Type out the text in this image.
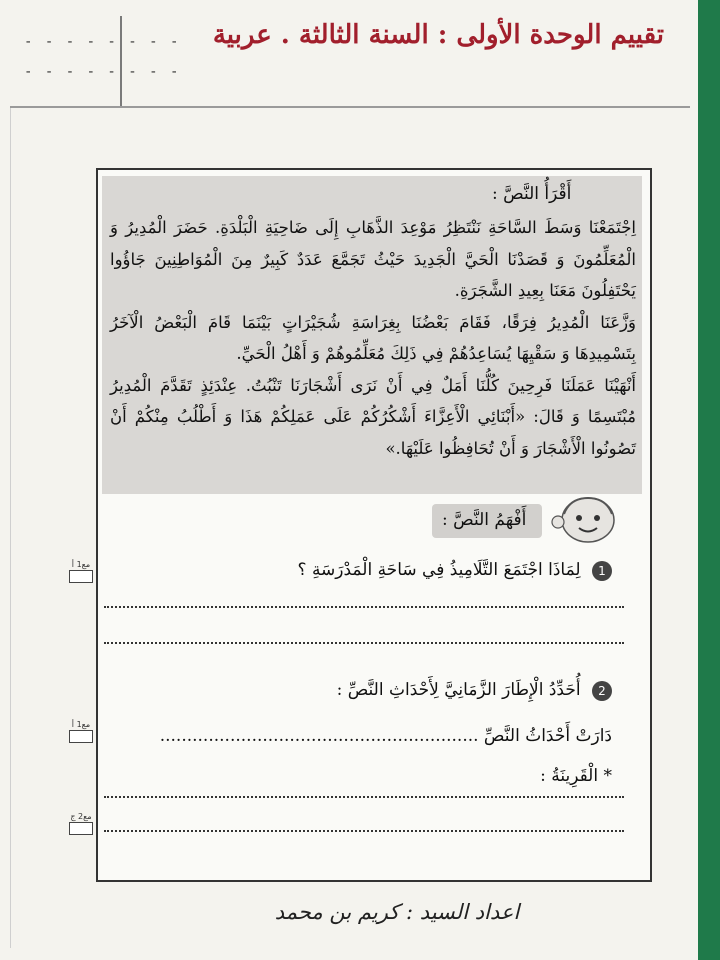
- - - - - - - -
- - - - - - - -
تقييم الوحدة الأولى : السنة الثالثة . عربية
أَقْرَأُ النَّصَّ :

اِجْتَمَعْنَا وَسَطَ السَّاحَةِ نَنْتَظِرُ مَوْعِدَ الذَّهَابِ إِلَى ضَاحِيَةِ الْبَلْدَةِ. حَضَرَ الْمُدِيرُ وَ الْمُعَلِّمُونَ وَ قَصَدْنَا الْحَيَّ الْجَدِيدَ حَيْثُ تَجَمَّعَ عَدَدٌ كَبِيرٌ مِنَ الْمُوَاطِنِينَ جَاؤُوا يَحْتَفِلُونَ مَعَنَا بِعِيدِ الشَّجَرَةِ.

وَزَّعَنَا الْمُدِيرُ فِرَقًا، فَقَامَ بَعْضُنَا بِغِرَاسَةِ شُجَيْرَاتٍ بَيْنَمَا قَامَ الْبَعْضُ الْآخَرُ بِتَسْمِيدِهَا وَ سَقْيِهَا يُسَاعِدُهُمْ فِي ذَلِكَ مُعَلِّمُوهُمْ وَ أَهْلُ الْحَيِّ.

أَنْهَيْنَا عَمَلَنَا فَرِحِينَ كُلُّنَا أَمَلٌ فِي أَنْ نَرَى أَشْجَارَنَا تَنْبُتُ. عِنْدَئِذٍ تَقَدَّمَ الْمُدِيرُ مُبْتَسِمًا وَ قَالَ: «أَبْنَائِي الْأَعِزَّاءَ أَشْكُرُكُمْ عَلَى عَمَلِكُمْ هَذَا وَ أَطْلُبُ مِنْكُمْ أَنْ تَصُونُوا الْأَشْجَارَ وَ أَنْ تُحَافِظُوا عَلَيْهَا.»

أَفْهَمُ النَّصَّ :
1 لِمَاذَا اجْتَمَعَ التَّلَامِيذُ فِي سَاحَةِ الْمَدْرَسَةِ ؟
2 أُحَدِّدُ الْإِطَارَ الزَّمَانِيَّ لِأَحْدَاثِ النَّصِّ :
دَارَتْ أَحْدَاثُ النَّصِّ ...........................................................
* الْقَرِينَةُ :
مع1 أ
مع1 أ
مع2 ج
اعداد السيد : كريم بن محمد
